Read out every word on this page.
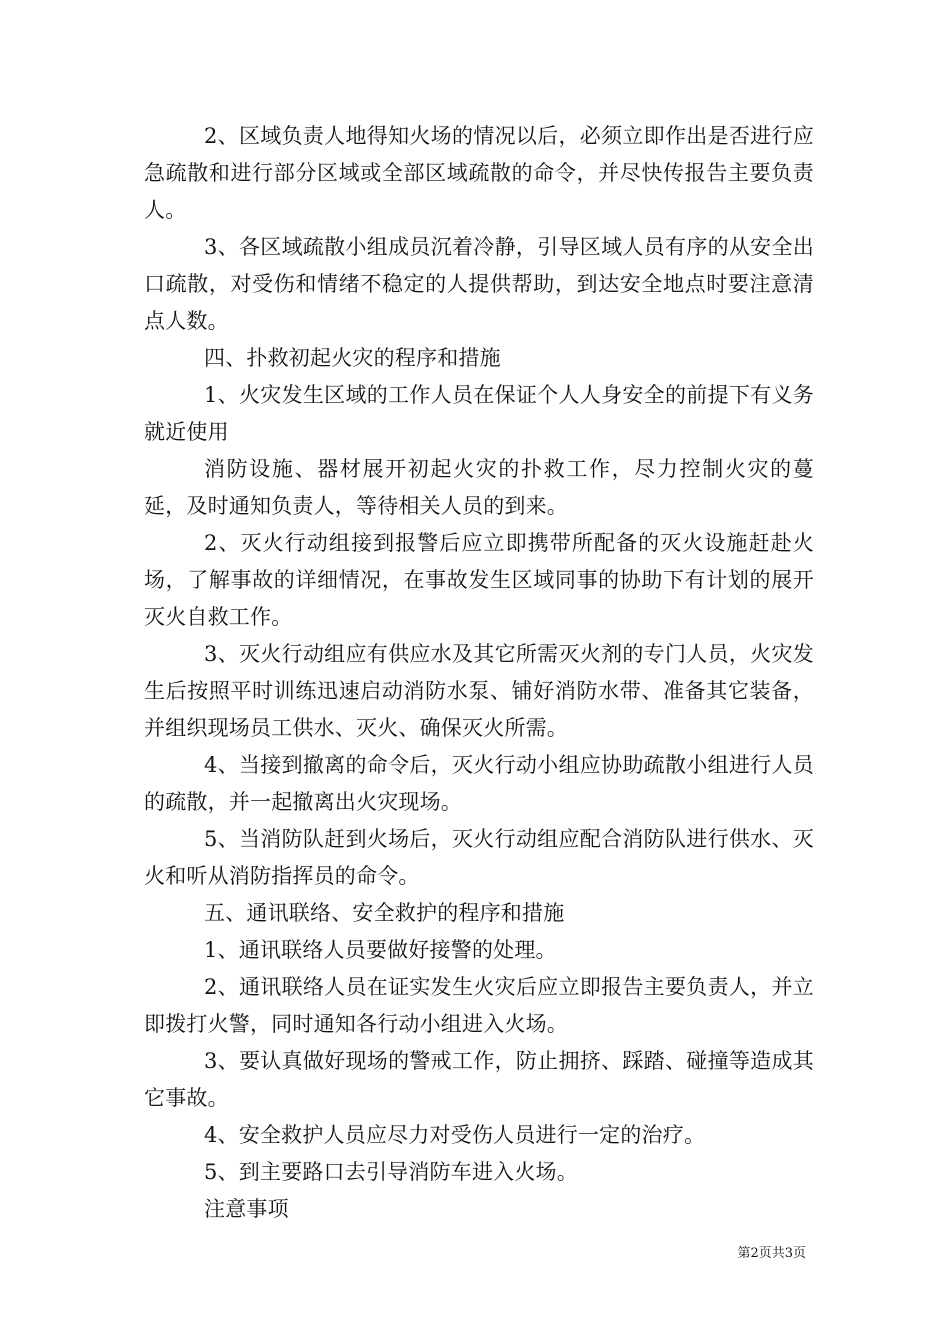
2、区域负责人地得知火场的情况以后，必须立即作出是否进行应急疏散和进行部分区域或全部区域疏散的命令，并尽快传报告主要负责人。

3、各区域疏散小组成员沉着冷静，引导区域人员有序的从安全出口疏散，对受伤和情绪不稳定的人提供帮助，到达安全地点时要注意清点人数。

四、扑救初起火灾的程序和措施

1、火灾发生区域的工作人员在保证个人人身安全的前提下有义务就近使用

消防设施、器材展开初起火灾的扑救工作，尽力控制火灾的蔓延，及时通知负责人，等待相关人员的到来。

2、灭火行动组接到报警后应立即携带所配备的灭火设施赶赴火场，了解事故的详细情况，在事故发生区域同事的协助下有计划的展开灭火自救工作。

3、灭火行动组应有供应水及其它所需灭火剂的专门人员，火灾发生后按照平时训练迅速启动消防水泵、铺好消防水带、准备其它装备，并组织现场员工供水、灭火、确保灭火所需。

4、当接到撤离的命令后，灭火行动小组应协助疏散小组进行人员的疏散，并一起撤离出火灾现场。

5、当消防队赶到火场后，灭火行动组应配合消防队进行供水、灭火和听从消防指挥员的命令。

五、通讯联络、安全救护的程序和措施

1、通讯联络人员要做好接警的处理。

2、通讯联络人员在证实发生火灾后应立即报告主要负责人，并立即拨打火警，同时通知各行动小组进入火场。

3、要认真做好现场的警戒工作，防止拥挤、踩踏、碰撞等造成其它事故。

4、安全救护人员应尽力对受伤人员进行一定的治疗。

5、到主要路口去引导消防车进入火场。

注意事项

第2页共3页
